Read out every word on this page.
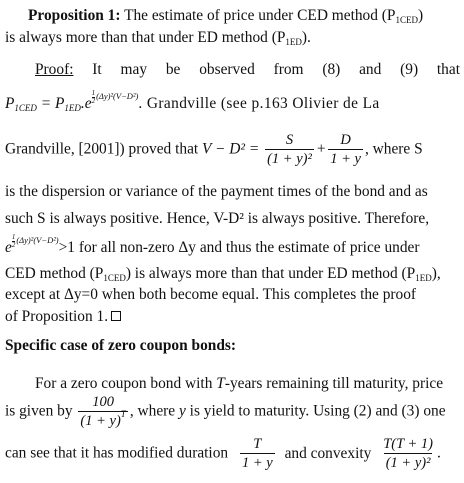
Proposition 1: The estimate of price under CED method $(P_{1CED})$
is always more than that under ED method $(P_{1ED})$.
Proof: It may be observed from (8) and (9) that
$P_{1CED} = P_{1ED}.e \frac{1}{2} (\Delta y)^2(V-D^2)$. Grandville (see p.163 Olivier de La
Grandville, [2001]) proved that $V - D^2 = \frac{S}{\text{(1 + y)²}} + \frac{D}{1 + y}$ , where S
is the dispersion or variance of the payment times of the bond and as
such S is always positive. Hence, V-D² is always positive. Therefore,
e $\frac{1}{2} (\Delta y)^2(V-D^2)>1$ for all non-zero Δy and thus the estimate of price under
CED method $(P_{1CED})$ is always more than that under ED method $(P_{1ED})$,
except at Δy=0 when both become equal. This completes the proof
of Proposition 1.
Specific case of zero coupon bonds:
For a zero coupon bond with T-years remaining till maturity, price
is given by $\frac{100}{(1 + y)^T}$ , where y is yield to maturity. Using (2) and (3) one
can see that it has modified duration $\frac{T}{1 + y}$ and convexity $\frac{T(T + 1)}{\text{(1 + y)²}}$ .
